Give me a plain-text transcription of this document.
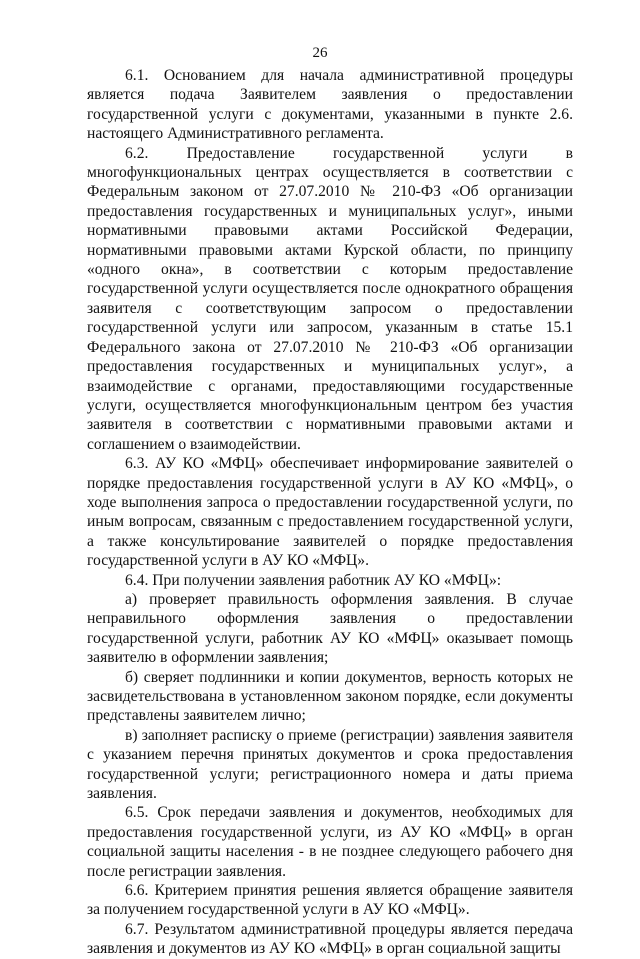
26

6.1. Основанием для начала административной процедуры является подача Заявителем заявления о предоставлении государственной услуги с документами, указанными в пункте 2.6. настоящего Административного регламента.

6.2. Предоставление государственной услуги в многофункциональных центрах осуществляется в соответствии с Федеральным законом от 27.07.2010 № 210-ФЗ «Об организации предоставления государственных и муниципальных услуг», иными нормативными правовыми актами Российской Федерации, нормативными правовыми актами Курской области, по принципу «одного окна», в соответствии с которым предоставление государственной услуги осуществляется после однократного обращения заявителя с соответствующим запросом о предоставлении государственной услуги или запросом, указанным в статье 15.1 Федерального закона от 27.07.2010 № 210-ФЗ «Об организации предоставления государственных и муниципальных услуг», а взаимодействие с органами, предоставляющими государственные услуги, осуществляется многофункциональным центром без участия заявителя в соответствии с нормативными правовыми актами и соглашением о взаимодействии.

6.3. АУ КО «МФЦ» обеспечивает информирование заявителей о порядке предоставления государственной услуги в АУ КО «МФЦ», о ходе выполнения запроса о предоставлении государственной услуги, по иным вопросам, связанным с предоставлением государственной услуги, а также консультирование заявителей о порядке предоставления государственной услуги в АУ КО «МФЦ».

6.4. При получении заявления работник АУ КО «МФЦ»:

а) проверяет правильность оформления заявления. В случае неправильного оформления заявления о предоставлении государственной услуги, работник АУ КО «МФЦ» оказывает помощь заявителю в оформлении заявления;

б) сверяет подлинники и копии документов, верность которых не засвидетельствована в установленном законом порядке, если документы представлены заявителем лично;

в) заполняет расписку о приеме (регистрации) заявления заявителя с указанием перечня принятых документов и срока предоставления государственной услуги; регистрационного номера и даты приема заявления.

6.5. Срок передачи заявления и документов, необходимых для предоставления государственной услуги, из АУ КО «МФЦ» в орган социальной защиты населения - в не позднее следующего рабочего дня после регистрации заявления.

6.6. Критерием принятия решения является обращение заявителя за получением государственной услуги в АУ КО «МФЦ».

6.7. Результатом административной процедуры является передача заявления и документов из АУ КО «МФЦ» в орган социальной защиты
